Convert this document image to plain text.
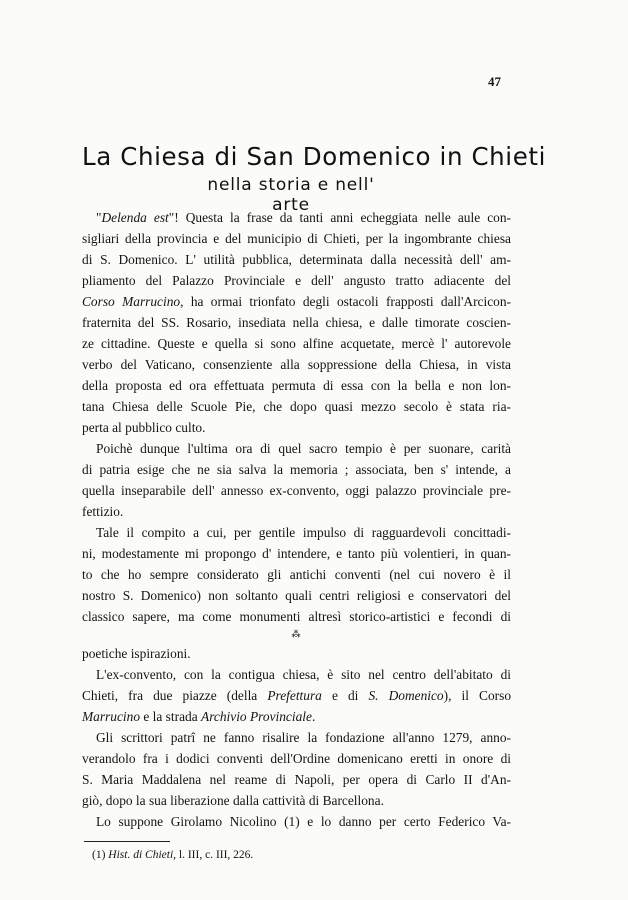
47
La Chiesa di San Domenico in Chieti
nella storia e nell' arte
"Delenda est"! Questa la frase da tanti anni echeggiata nelle aule con-
sigliari della provincia e del municipio di Chieti, per la ingombrante chiesa
di S. Domenico. L' utilità pubblica, determinata dalla necessità dell' am-
pliamento del Palazzo Provinciale e dell' angusto tratto adiacente del
Corso Marrucino, ha ormai trionfato degli ostacoli frapposti dall'Arcicon-
fraternita del SS. Rosario, insediata nella chiesa, e dalle timorate coscien-
ze cittadine. Queste e quella si sono alfine acquetate, mercè l' autorevole
verbo del Vaticano, consenziente alla soppressione della Chiesa, in vista
della proposta ed ora effettuata permuta di essa con la bella e non lon-
tana Chiesa delle Scuole Pie, che dopo quasi mezzo secolo è stata ria-
perta al pubblico culto.
Poichè dunque l'ultima ora di quel sacro tempio è per suonare, carità
di patria esige che ne sia salva la memoria ; associata, ben s' intende, a
quella inseparabile dell' annesso ex-convento, oggi palazzo provinciale pre-
fettizio.
Tale il compito a cui, per gentile impulso di ragguardevoli concittadi-
ni, modestamente mi propongo d' intendere, e tanto più volentieri, in quan-
to che ho sempre considerato gli antichi conventi (nel cui novero è il
nostro S. Domenico) non soltanto quali centri religiosi e conservatori del
classico sapere, ma come monumenti altresì storico-artistici e fecondi di
poetiche ispirazioni.
⁂
L'ex-convento, con la contigua chiesa, è sito nel centro dell'abitato di
Chieti, fra due piazze (della Prefettura e di S. Domenico), il Corso
Marrucino e la strada Archivio Provinciale.
Gli scrittori patrî ne fanno risalire la fondazione all'anno 1279, anno-
verandolo fra i dodici conventi dell'Ordine domenicano eretti in onore di
S. Maria Maddalena nel reame di Napoli, per opera di Carlo II d'An-
giò, dopo la sua liberazione dalla cattività di Barcellona.
Lo suppone Girolamo Nicolino (1) e lo danno per certo Federico Va-
(1) Hist. di Chieti, l. III, c. III, 226.
